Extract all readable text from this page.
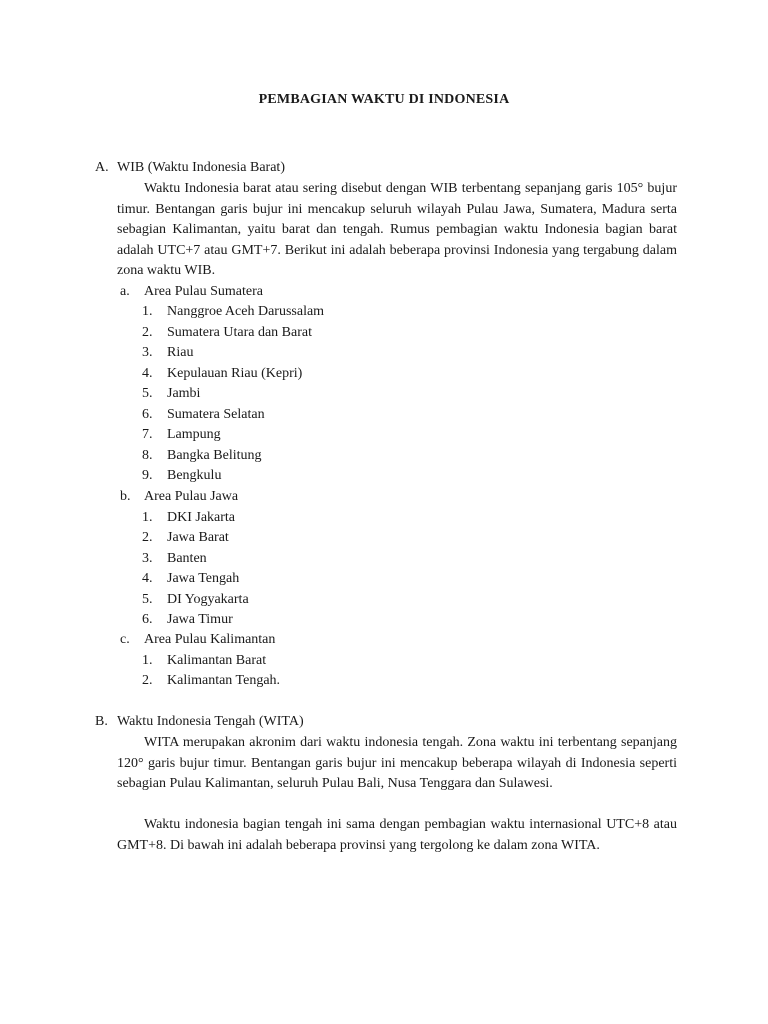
PEMBAGIAN WAKTU DI INDONESIA
A. WIB (Waktu Indonesia Barat)

Waktu Indonesia barat atau sering disebut dengan WIB terbentang sepanjang garis 105° bujur timur. Bentangan garis bujur ini mencakup seluruh wilayah Pulau Jawa, Sumatera, Madura serta sebagian Kalimantan, yaitu barat dan tengah. Rumus pembagian waktu Indonesia bagian barat adalah UTC+7 atau GMT+7. Berikut ini adalah beberapa provinsi Indonesia yang tergabung dalam zona waktu WIB.

a. Area Pulau Sumatera
1. Nanggroe Aceh Darussalam
2. Sumatera Utara dan Barat
3. Riau
4. Kepulauan Riau (Kepri)
5. Jambi
6. Sumatera Selatan
7. Lampung
8. Bangka Belitung
9. Bengkulu
b. Area Pulau Jawa
1. DKI Jakarta
2. Jawa Barat
3. Banten
4. Jawa Tengah
5. DI Yogyakarta
6. Jawa Timur
c. Area Pulau Kalimantan
1. Kalimantan Barat
2. Kalimantan Tengah.
B. Waktu Indonesia Tengah (WITA)

WITA merupakan akronim dari waktu indonesia tengah. Zona waktu ini terbentang sepanjang 120° garis bujur timur. Bentangan garis bujur ini mencakup beberapa wilayah di Indonesia seperti sebagian Pulau Kalimantan, seluruh Pulau Bali, Nusa Tenggara dan Sulawesi.

Waktu indonesia bagian tengah ini sama dengan pembagian waktu internasional UTC+8 atau GMT+8. Di bawah ini adalah beberapa provinsi yang tergolong ke dalam zona WITA.
